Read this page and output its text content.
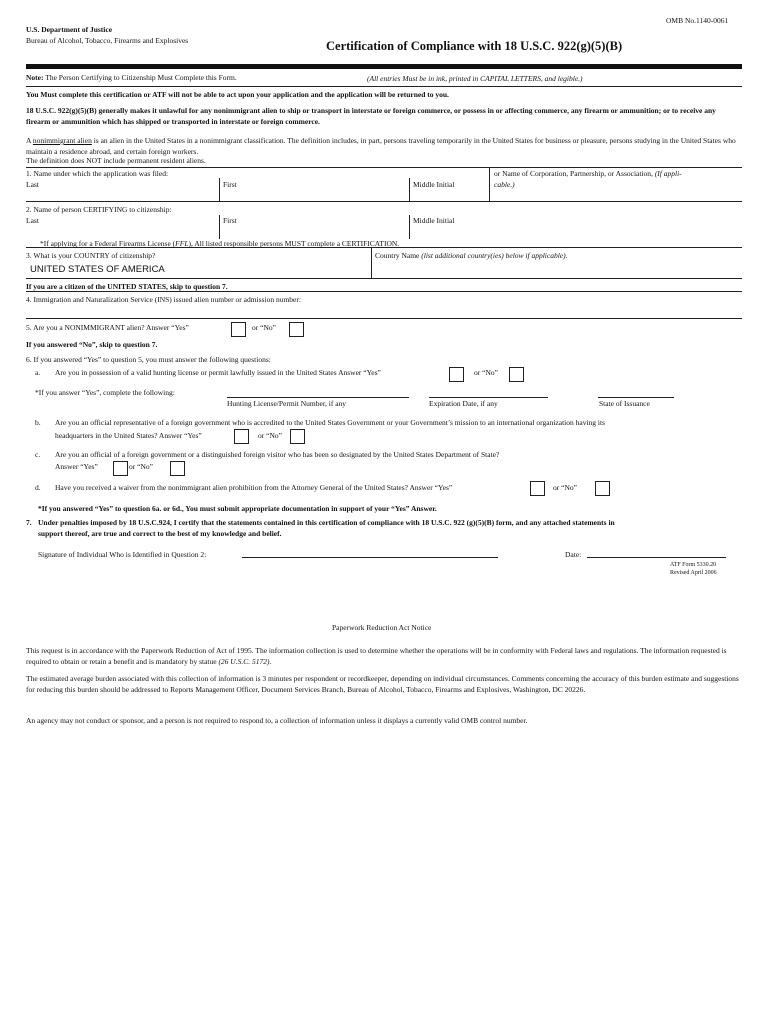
OMB No.1140-0061
U.S. Department of Justice
Bureau of Alcohol, Tobacco, Firearms and Explosives	Certification of Compliance with 18 U.S.C. 922(g)(5)(B)
Note: The Person Certifying to Citizenship Must Complete this Form.	(All entries Must be in ink, printed in CAPITAL LETTERS, and legible.)
You Must complete this certification or ATF will not be able to act upon your application and the application will be returned to you.
18 U.S.C. 922(g)(5)(B) generally makes it unlawful for any nonimmigrant alien to ship or transport in interstate or foreign commerce, or possess in or affecting commerce, any firearm or ammunition; or to receive any firearm or ammunition which has shipped or transported in interstate or foreign commerce.
A nonimmigrant alien is an alien in the United States in a nonimmigrant classification. The definition includes, in part, persons traveling temporarily in the United States for business or pleasure, persons studying in the United States who maintain a residence abroad, and certain foreign workers.
The definition does NOT include permanent resident aliens.
1. Name under which the application was filed:
Last	First	Middle Initial
or Name of Corporation, Partnership, or Association, (If appli-
cable.)
2. Name of person CERTIFYING to citizenship:
Last	First	Middle Initial
*If applying for a Federal Firearms License (FFL), All listed responsible persons MUST complete a CERTIFICATION.
3. What is your COUNTRY of citizenship?
UNITED STATES OF AMERICA
Country Name (list additional country(ies) below if applicable).
If you are a citizen of the UNITED STATES, skip to question 7.
4. Immigration and Naturalization Service (INS) issued alien number or admission number:
5. Are you a NONIMMIGRANT alien? Answer “Yes”	or “No”
If you answered “No”, skip to question 7.
6. If you answered “Yes” to question 5, you must answer the following questions:
a. Are you in possession of a valid hunting license or permit lawfully issued in the United States Answer “Yes”	or “No”
*If you answer “Yes”, complete the following:
Hunting License/Permit Number, if any	Expiration Date, if any	State of Issuance
b. Are you an official representative of a foreign government who is accredited to the United States Government or your Government’s mission to an international organization having its
headquarters in the United States? Answer “Yes”	or “No”
c. Are you an official of a foreign government or a distinguished foreign visitor who has been so designated by the United States Department of State?
Answer “Yes”	or “No”
d. Have you received a waiver from the nonimmigrant alien prohibition from the Attorney General of the United States? Answer “Yes”	or “No”
*If you answered “Yes” to question 6a. or 6d., You must submit appropriate documentation in support of your “Yes” Answer.
7. Under penalties imposed by 18 U.S.C.924, I certify that the statements contained in this certification of compliance with 18 U.S.C. 922 (g)(5)(B) form, and any attached statements in
support thereof, are true and correct to the best of my knowledge and belief.
Signature of Individual Who is Identified in Question 2:	Date:
ATF Form 5330.20
Revised April 2006
Paperwork Reduction Act Notice
This request is in accordance with the Paperwork Reduction of Act of 1995. The information collection is used to determine whether the operations will be in conformity with Federal laws and regulations. The information requested is required to obtain or retain a benefit and is mandatory by statue (26 U.S.C. 5172).
The estimated average burden associated with this collection of information is 3 minutes per respondent or recordkeeper, depending on individual circumstances. Comments concerning the accuracy of this burden estimate and suggestions for reducing this burden should be addressed to Reports Management Officer, Document Services Branch, Bureau of Alcohol, Tobacco, Firearms and Explosives, Washington, DC 20226.
An agency may not conduct or sponsor, and a person is not required to respond to, a collection of information unless it displays a currently valid OMB control number.
